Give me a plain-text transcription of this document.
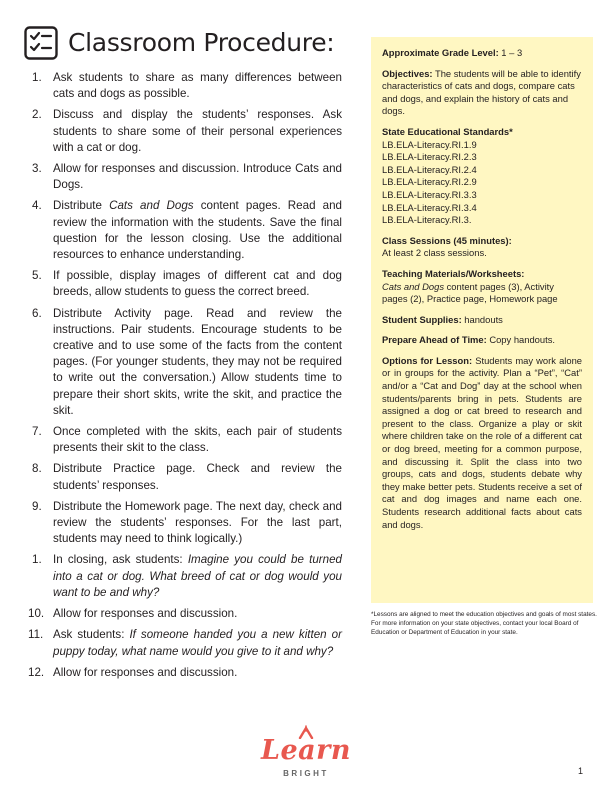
Classroom Procedure:
1. Ask students to share as many differences between cats and dogs as possible.
2. Discuss and display the students’ responses. Ask students to share some of their personal experiences with a cat or dog.
3. Allow for responses and discussion. Introduce Cats and Dogs.
4. Distribute Cats and Dogs content pages. Read and review the information with the students. Save the final question for the lesson closing. Use the additional resources to enhance understanding.
5. If possible, display images of different cat and dog breeds, allow students to guess the correct breed.
6. Distribute Activity page. Read and review the instructions. Pair students. Encourage students to be creative and to use some of the facts from the content pages. (For younger students, they may not be required to write out the conversation.) Allow students time to prepare their short skits, write the skit, and practice the skit.
7. Once completed with the skits, each pair of students presents their skit to the class.
8. Distribute Practice page. Check and review the students’ responses.
9. Distribute the Homework page. The next day, check and review the students’ responses. For the last part, students may need to think logically.)
1. In closing, ask students: Imagine you could be turned into a cat or dog. What breed of cat or dog would you want to be and why?
10. Allow for responses and discussion.
11. Ask students: If someone handed you a new kitten or puppy today, what name would you give to it and why?
12. Allow for responses and discussion.

Approximate Grade Level: 1 – 3

Objectives: The students will be able to identify characteristics of cats and dogs, compare cats and dogs, and explain the history of cats and dogs.

State Educational Standards*
LB.ELA-Literacy.RI.1.9
LB.ELA-Literacy.RI.2.3
LB.ELA-Literacy.RI.2.4
LB.ELA-Literacy.RI.2.9
LB.ELA-Literacy.RI.3.3
LB.ELA-Literacy.RI.3.4
LB.ELA-Literacy.RI.3.

Class Sessions (45 minutes):
At least 2 class sessions.

Teaching Materials/Worksheets:
Cats and Dogs content pages (3), Activity pages (2), Practice page, Homework page

Student Supplies: handouts

Prepare Ahead of Time: Copy handouts.

Options for Lesson: Students may work alone or in groups for the activity. Plan a “Pet”, “Cat” and/or a “Cat and Dog” day at the school when students/parents bring in pets. Students are assigned a dog or cat breed to research and present to the class. Organize a play or skit where children take on the role of a different cat or dog breed, meeting for a common purpose, and discussing it. Split the class into two groups, cats and dogs, students debate why they make better pets. Students receive a set of cat and dog images and name each one. Students research additional facts about cats and dogs.

*Lessons are aligned to meet the education objectives and goals of most states. For more information on your state objectives, contact your local Board of Education or Department of Education in your state.
Learn
BRIGHT	1
